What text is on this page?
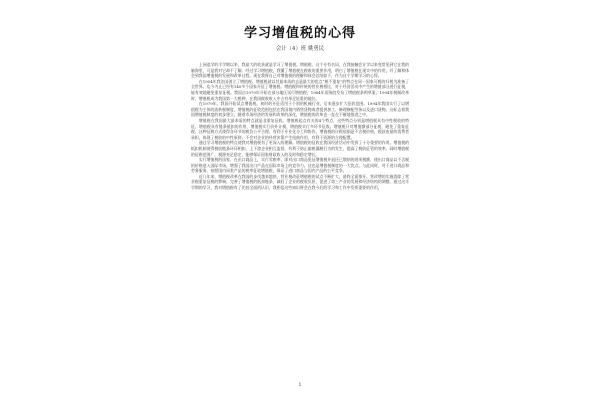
学习增值税的心得
会计（4）班 姚勇民

上网追学的半学期以来，我最大的收获就是学习了增值税。增值税，这个专有名词，在我接触会计学以来变常见到它在我的脑海里，可是我对它却不了解。经过学习增值税，我懂了增值税在税收的重要作用，明白了增值税在现实中的作用，并了解和体会到我国增值税的发展和改革过程。现在我将自己对增值税的理解和体会总结如下，作为这个学期学习的心得。

在1954年我法国创立了增值税。增值税就以其最本质的去是最大的优点“税不重复”的特点在同一国家可税的归税为准备了全世界。迄今为止已经有140多个国家开征了增值税。增值税和传统的营业税相比，对于经济活动中产生的增值部分进行征税，能有效地避免重复征税。我国自1979年开始在部分地区试行增值税，1984年国务院发布了增值税条例草案，1994年税制改革时，增值税成为我国第一大税种，在我国税收收入中占有举足轻重的地位。

在1979年，我国开始试点增值税。初时的开征适用于个别的机械行业，后来逐步扩大征收范围。1994年我国实行了以增值税为主体的流转税制度，增值税的征收范围包括在我国境内销售货物或者提供加工、修理修配劳务以及进口货物。这标志着我国增值税制度的初步建立。随着市场经济的发展和改革的深化，增值税的改革也一直在不断地推进之中。

增值税在我国最大最本质的特点就是非重复征收。增值税起点有关的4个特点，这些特点分别是增值税具有中性税收的特征、增值税具有链条抵扣的作用、增值税实行价外计税、增值税实行多环节征收。增值税只对增值额部分征税，避免了重复征税，这种征税方式使得各环节的税负公平合理，有利于专业化分工和协作。增值税的计税依据是不含税价格，税款由最终消费者承担，体现了税收的中性原则，不会对企业的经营决策产生扭曲作用，有利于资源的合理配置。

通过学习增值税的特点使我对增值税有了更深入的理解。增值税的征收在我国经济活动中发挥了十分重要的作用。增值税的抵扣机制使得税收链条环环相扣，上下游企业相互监督，有利于防止偷税漏税行为的发生，提高了税收征管的效率。同时增值税的征税范围广，税源充足稳定，能够保证国家财政收入的及时和稳定增长。

实行增值税的国家，在出口商品上，实行零税率，即对出口商品免征增值税并退还已缴纳的进项税额，使出口商品以不含税的价格进入国际市场，增强了我国出口产品在国际市场上的竞争力。这也是增值税制度的一大优点。与此同时，对于进口商品和劳务服务，按照国内同类产品的税率征收增值税，保证了进口商品与国内产品的公平竞争。

近几年来，增值税改革在我国的步伐越来越快，营业税改征增值税的试点不断扩大，最终全面推开。营改增的实施消除了营业税重复征税的弊端，完善了增值税的抵扣链条，减轻了企业的税收负担，促进了第三产业的发展和经济结构的调整。通过这半学期的学习，我对增值税有了比较全面的认识，我相信这些知识将会在我今后的学习和工作中发挥重要的作用。

1
